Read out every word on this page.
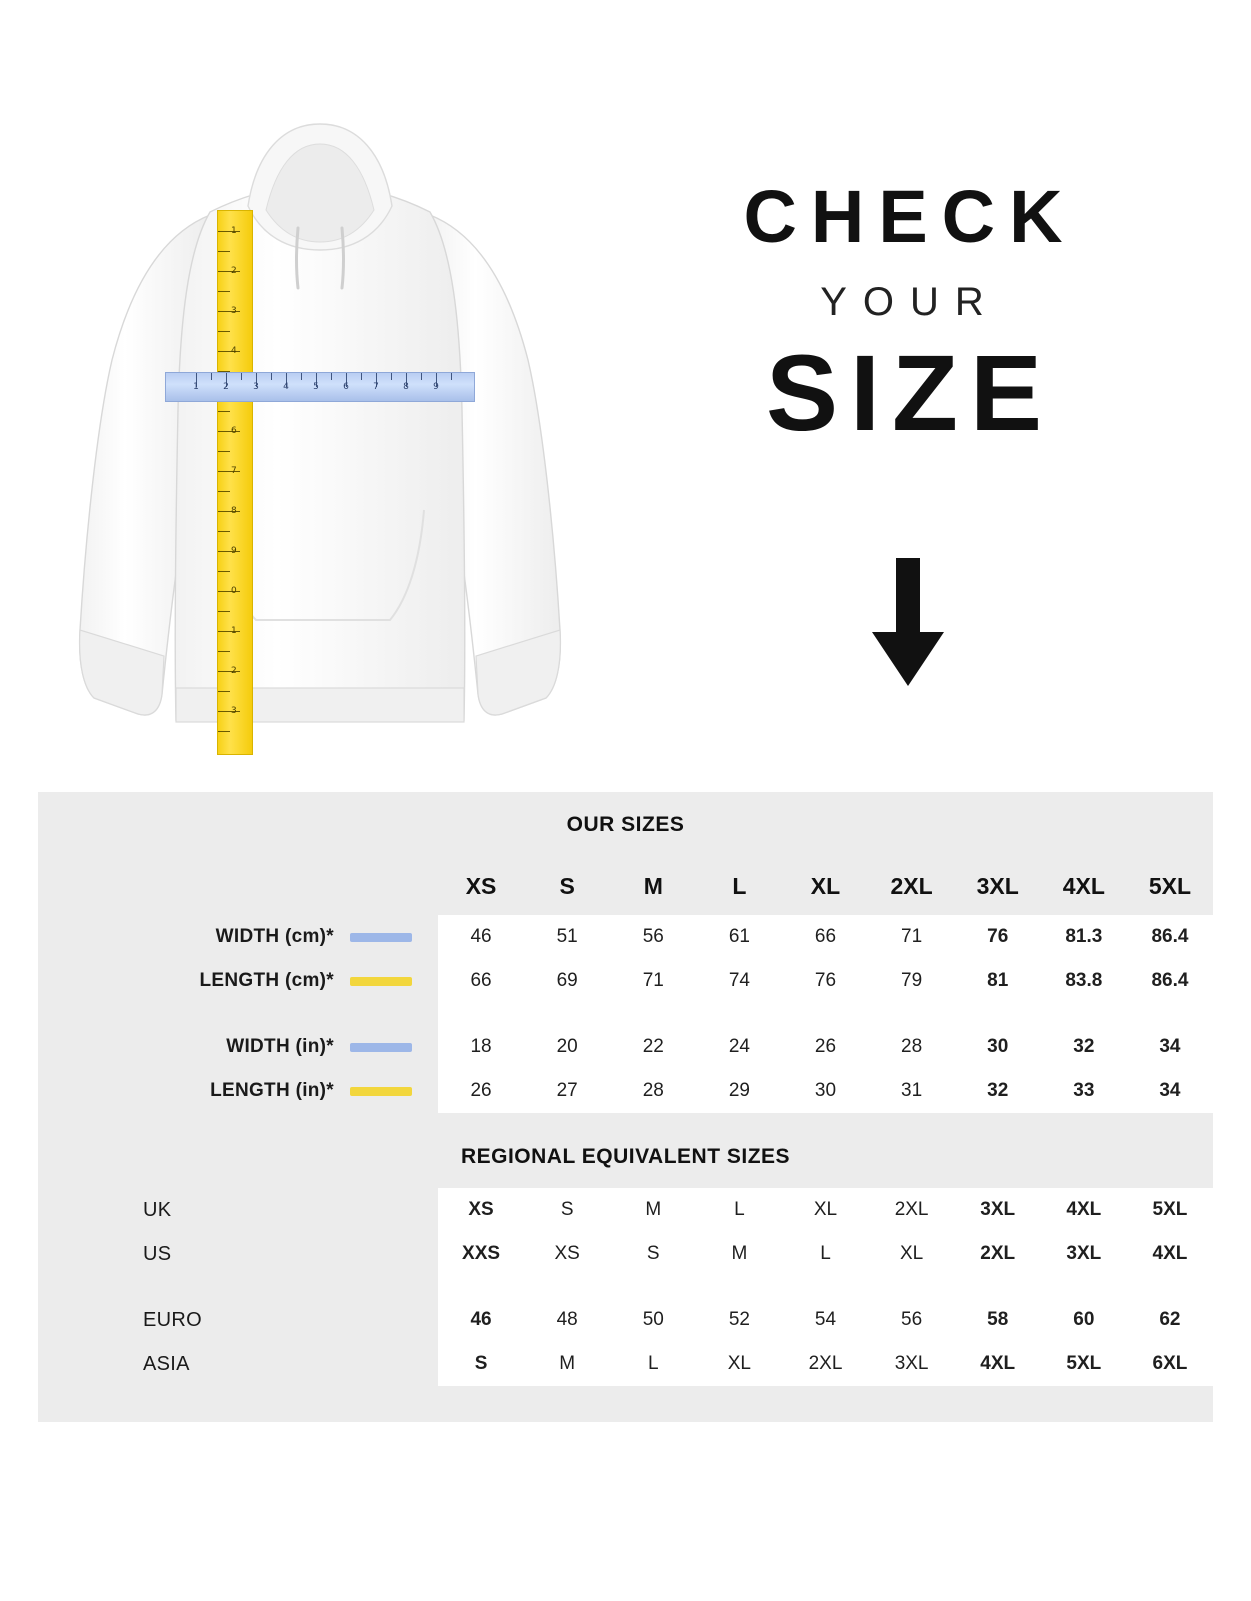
1
2
3
4
6
7
8
9
0
1
2
3
1	2	3	4	5	6	7	8	9
CHECK
YOUR
SIZE
OUR SIZES
XS	S	M	L	XL	2XL	3XL	4XL	5XL
WIDTH (cm)*	46	51	56	61	66	71	76	81.3	86.4
LENGTH (cm)*	66	69	71	74	76	79	81	83.8	86.4
WIDTH (in)*	18	20	22	24	26	28	30	32	34
LENGTH (in)*	26	27	28	29	30	31	32	33	34
REGIONAL EQUIVALENT SIZES
UK	XS	S	M	L	XL	2XL	3XL	4XL	5XL
US	XXS	XS	S	M	L	XL	2XL	3XL	4XL
EURO	46	48	50	52	54	56	58	60	62
ASIA	S	M	L	XL	2XL	3XL	4XL	5XL	6XL
